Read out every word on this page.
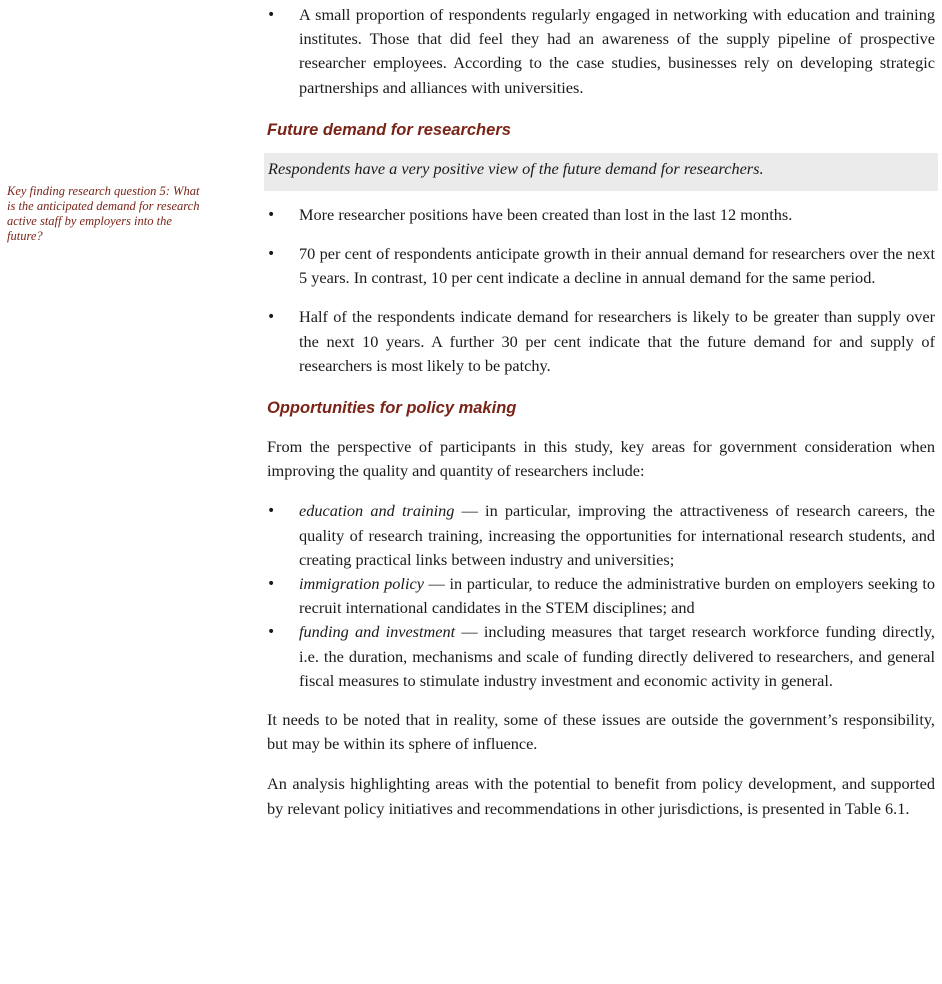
Key finding research question 5: What is the anticipated demand for research active staff by employers into the future?
• A small proportion of respondents regularly engaged in networking with education and training institutes. Those that did feel they had an awareness of the supply pipeline of prospective researcher employees. According to the case studies, businesses rely on developing strategic partnerships and alliances with universities.
Future demand for researchers
Respondents have a very positive view of the future demand for researchers.
• More researcher positions have been created than lost in the last 12 months.
• 70 per cent of respondents anticipate growth in their annual demand for researchers over the next 5 years. In contrast, 10 per cent indicate a decline in annual demand for the same period.
• Half of the respondents indicate demand for researchers is likely to be greater than supply over the next 10 years. A further 30 per cent indicate that the future demand for and supply of researchers is most likely to be patchy.
Opportunities for policy making

From the perspective of participants in this study, key areas for government consideration when improving the quality and quantity of researchers include:

• education and training — in particular, improving the attractiveness of research careers, the quality of research training, increasing the opportunities for international research students, and creating practical links between industry and universities;
• immigration policy — in particular, to reduce the administrative burden on employers seeking to recruit international candidates in the STEM disciplines; and
• funding and investment — including measures that target research workforce funding directly, i.e. the duration, mechanisms and scale of funding directly delivered to researchers, and general fiscal measures to stimulate industry investment and economic activity in general.

It needs to be noted that in reality, some of these issues are outside the government’s responsibility, but may be within its sphere of influence.

An analysis highlighting areas with the potential to benefit from policy development, and supported by relevant policy initiatives and recommendations in other jurisdictions, is presented in Table 6.1.
